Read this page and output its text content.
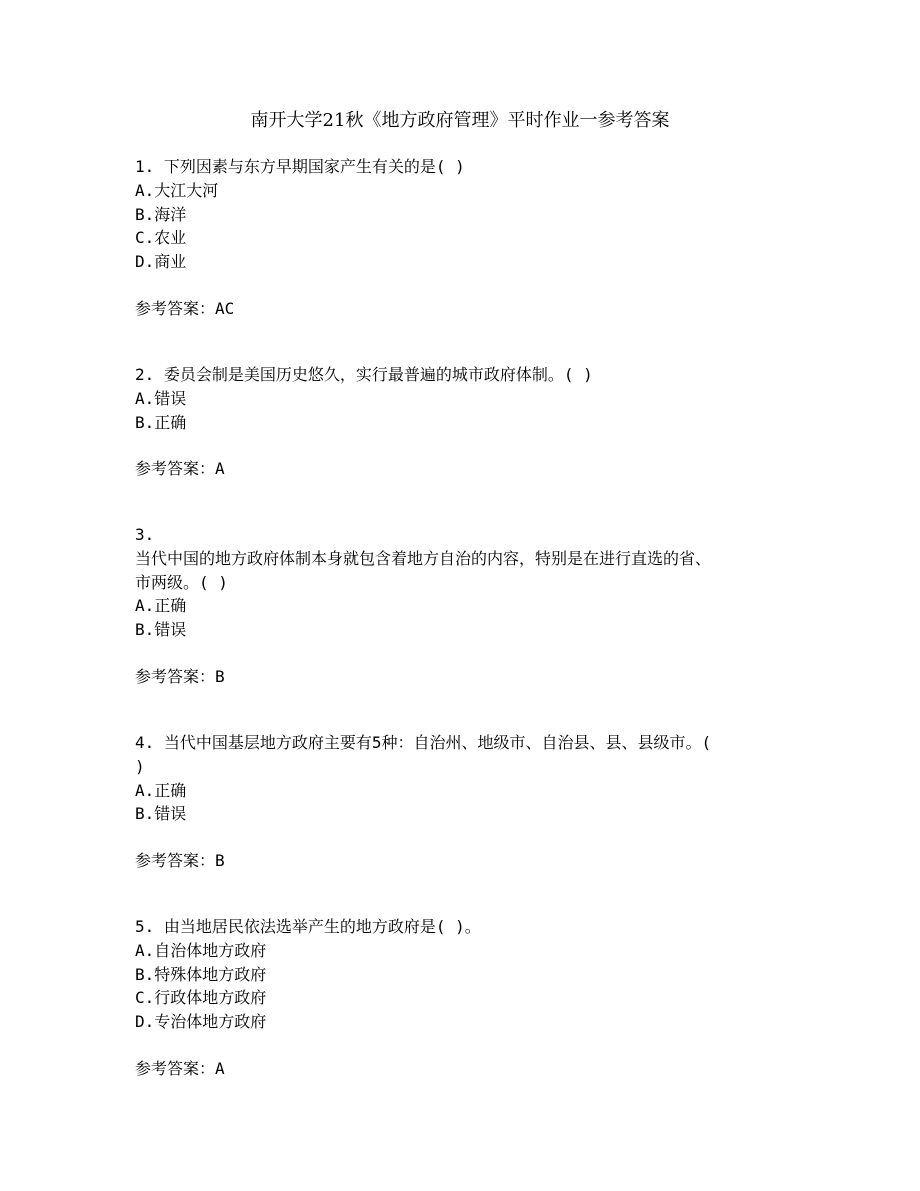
南开大学21秋《地方政府管理》平时作业一参考答案
1. 下列因素与东方早期国家产生有关的是( )
A.大江大河
B.海洋
C.农业
D.商业
参考答案：AC
2. 委员会制是美国历史悠久，实行最普遍的城市政府体制。( )
A.错误
B.正确
参考答案：A
3.
当代中国的地方政府体制本身就包含着地方自治的内容，特别是在进行直选的省、
市两级。( )
A.正确
B.错误
参考答案：B
4. 当代中国基层地方政府主要有5种：自治州、地级市、自治县、县、县级市。(
)
A.正确
B.错误
参考答案：B
5. 由当地居民依法选举产生的地方政府是( )。
A.自治体地方政府
B.特殊体地方政府
C.行政体地方政府
D.专治体地方政府
参考答案：A
